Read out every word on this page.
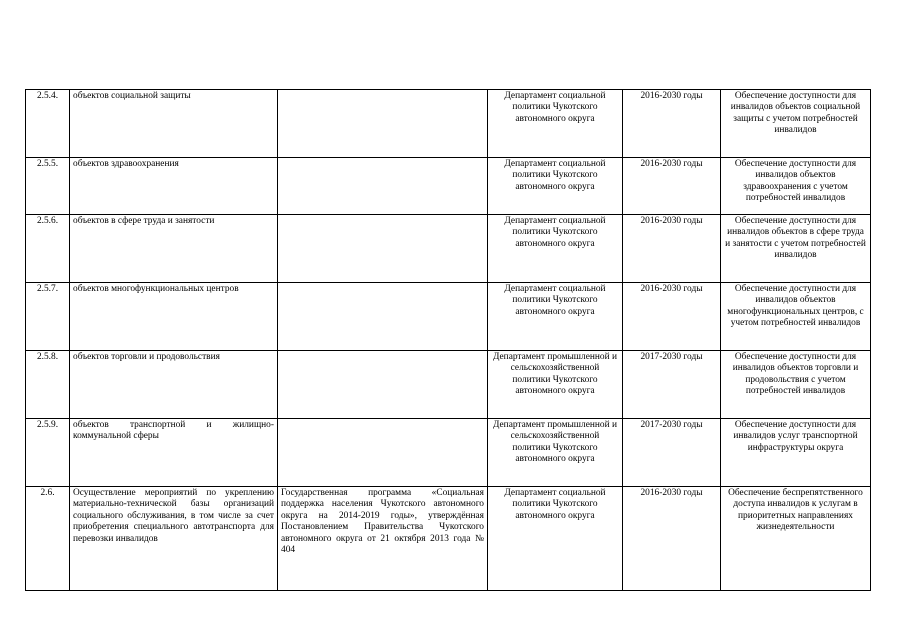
2.5.4.	объектов социальной защиты		Департамент социальной политики Чукотского автономного округа	2016-2030 годы	Обеспечение доступности для инвалидов объектов социальной защиты с учетом потребностей инвалидов
2.5.5.	объектов здравоохранения		Департамент социальной политики Чукотского автономного округа	2016-2030 годы	Обеспечение доступности для инвалидов объектов здравоохранения с учетом потребностей инвалидов
2.5.6.	объектов в сфере труда и занятости		Департамент социальной политики Чукотского автономного округа	2016-2030 годы	Обеспечение доступности для инвалидов объектов в сфере труда и занятости с учетом потребностей инвалидов
2.5.7.	объектов многофункциональных центров		Департамент социальной политики Чукотского автономного округа	2016-2030 годы	Обеспечение доступности для инвалидов объектов многофункциональных центров, с учетом потребностей инвалидов
2.5.8.	объектов торговли и продовольствия		Департамент промышленной и сельскохозяйственной политики Чукотского автономного округа	2017-2030 годы	Обеспечение доступности для инвалидов объектов торговли и продовольствия с учетом потребностей инвалидов
2.5.9.	объектов транспортной и жилищно-коммунальной сферы		Департамент промышленной и сельскохозяйственной политики Чукотского автономного округа	2017-2030 годы	Обеспечение доступности для инвалидов услуг транспортной инфраструктуры округа
2.6.	Осуществление мероприятий по укреплению материально-технической базы организаций социального обслуживания, в том числе за счет приобретения специального автотранспорта для перевозки инвалидов	Государственная программа «Социальная поддержка населения Чукотского автономного округа на 2014-2019 годы», утверждённая Постановлением Правительства Чукотского автономного округа от 21 октября 2013 года № 404	Департамент социальной политики Чукотского автономного округа	2016-2030 годы	Обеспечение беспрепятственного доступа инвалидов к услугам в приоритетных направлениях жизнедеятельности
